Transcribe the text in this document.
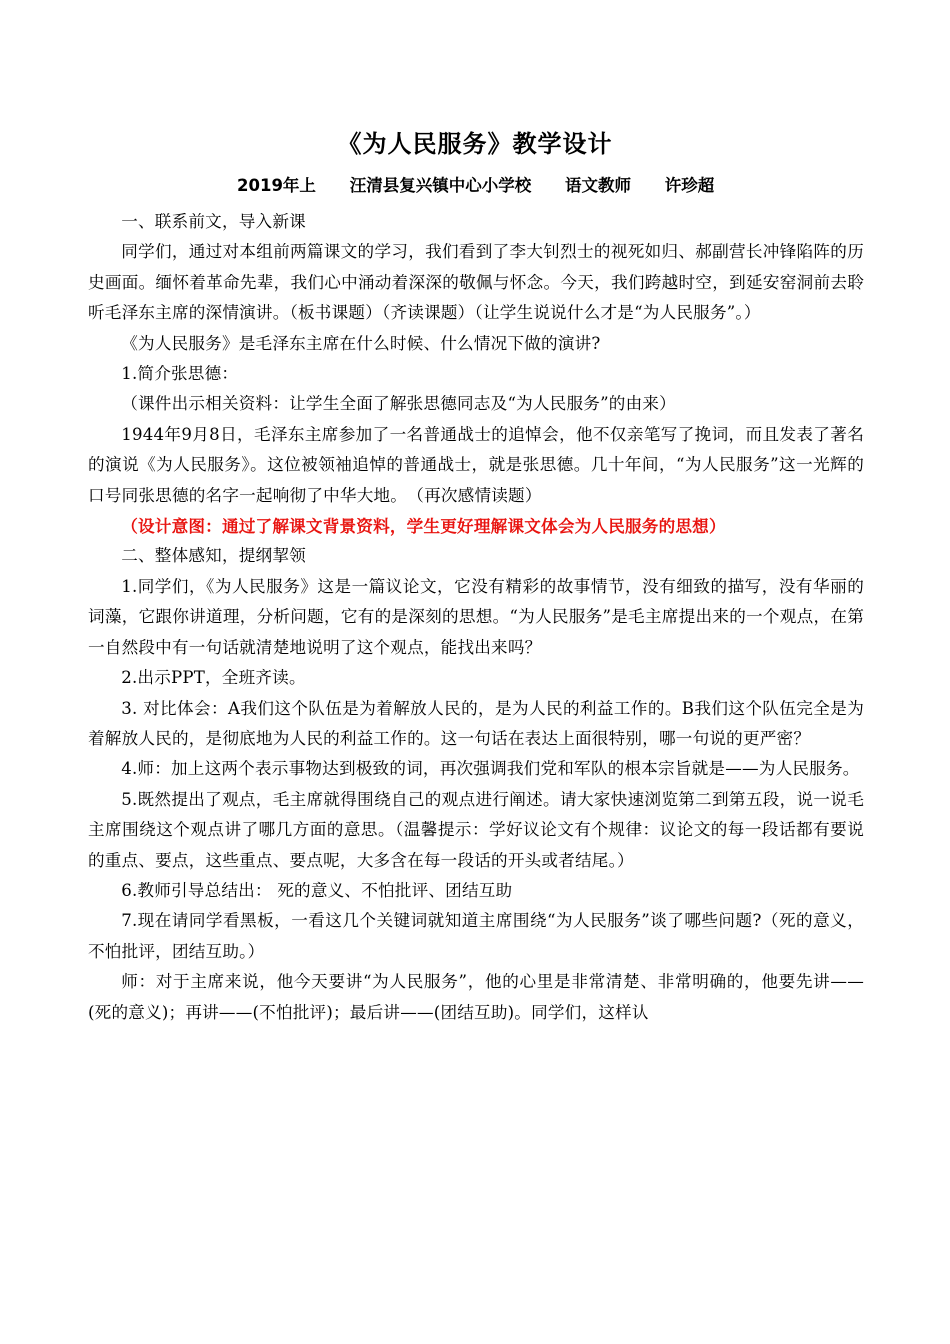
《为人民服务》教学设计
2019年上 汪清县复兴镇中心小学校 语文教师 许珍超

一、联系前文，导入新课

同学们，通过对本组前两篇课文的学习，我们看到了李大钊烈士的视死如归、郝副营长冲锋陷阵的历史画面。缅怀着革命先辈，我们心中涌动着深深的敬佩与怀念。今天，我们跨越时空，到延安窑洞前去聆听毛泽东主席的深情演讲。（板书课题）（齐读课题）（让学生说说什么才是“为人民服务”。）

《为人民服务》是毛泽东主席在什么时候、什么情况下做的演讲?

1.简介张思德：

（课件出示相关资料：让学生全面了解张思德同志及“为人民服务”的由来）

1944年9月8日，毛泽东主席参加了一名普通战士的追悼会，他不仅亲笔写了挽词，而且发表了著名的演说《为人民服务》。这位被领袖追悼的普通战士，就是张思德。几十年间，“为人民服务”这一光辉的口号同张思德的名字一起响彻了中华大地。　（再次感情读题）

（设计意图：通过了解课文背景资料，学生更好理解课文体会为人民服务的思想）

二、整体感知，提纲挈领

1.同学们，《为人民服务》这是一篇议论文，它没有精彩的故事情节，没有细致的描写，没有华丽的词藻，它跟你讲道理，分析问题，它有的是深刻的思想。“为人民服务”是毛主席提出来的一个观点，在第一自然段中有一句话就清楚地说明了这个观点，能找出来吗？

2.出示PPT，全班齐读。

3. 对比体会：A我们这个队伍是为着解放人民的，是为人民的利益工作的。B我们这个队伍完全是为着解放人民的，是彻底地为人民的利益工作的。这一句话在表达上面很特别，哪一句说的更严密？

4.师：加上这两个表示事物达到极致的词，再次强调我们党和军队的根本宗旨就是——为人民服务。

5.既然提出了观点，毛主席就得围绕自己的观点进行阐述。请大家快速浏览第二到第五段，说一说毛主席围绕这个观点讲了哪几方面的意思。（温馨提示：学好议论文有个规律：议论文的每一段话都有要说的重点、要点，这些重点、要点呢，大多含在每一段话的开头或者结尾。）

6.教师引导总结出： 死的意义、不怕批评、团结互助

7.现在请同学看黑板，一看这几个关键词就知道主席围绕“为人民服务”谈了哪些问题?（死的意义，不怕批评，团结互助。）

师：对于主席来说，他今天要讲“为人民服务”，他的心里是非常清楚、非常明确的，他要先讲——(死的意义)；再讲——(不怕批评)；最后讲——(团结互助)。同学们，这样认
